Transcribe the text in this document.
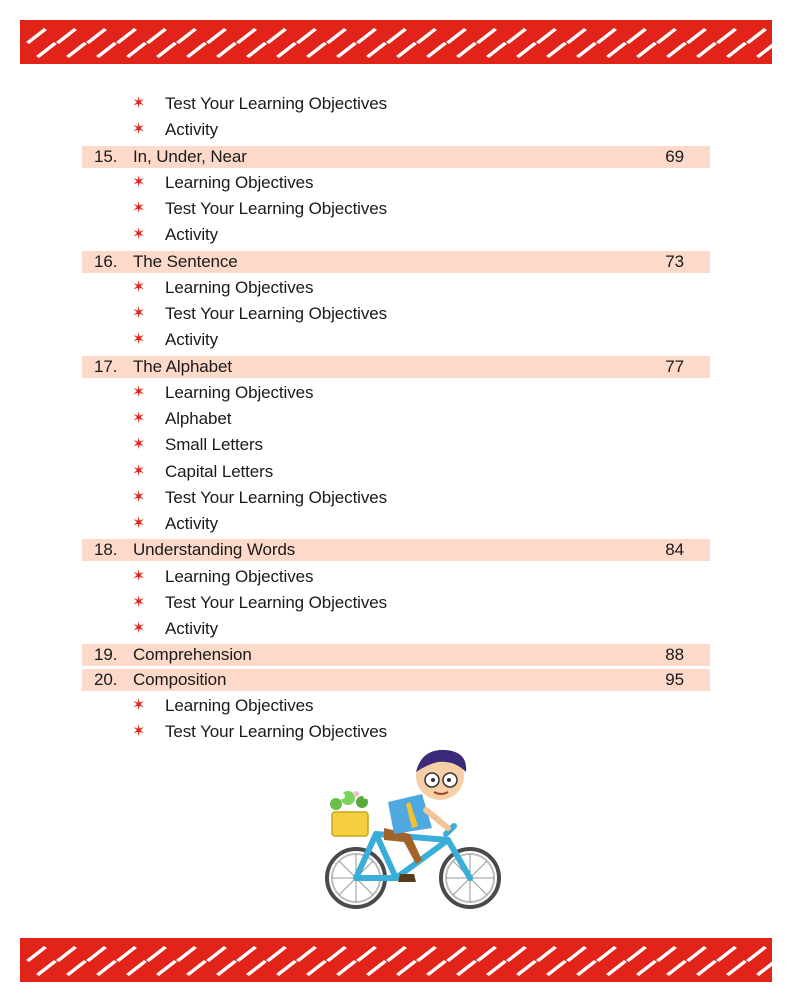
✶ Test Your Learning Objectives
✶ Activity
15. In, Under, Near	69
✶ Learning Objectives
✶ Test Your Learning Objectives
✶ Activity
16. The Sentence	73
✶ Learning Objectives
✶ Test Your Learning Objectives
✶ Activity
17. The Alphabet	77
✶ Learning Objectives
✶ Alphabet
✶ Small Letters
✶ Capital Letters
✶ Test Your Learning Objectives
✶ Activity
18. Understanding Words	84
✶ Learning Objectives
✶ Test Your Learning Objectives
✶ Activity
19. Comprehension	88
20. Composition	95
✶ Learning Objectives
✶ Test Your Learning Objectives
